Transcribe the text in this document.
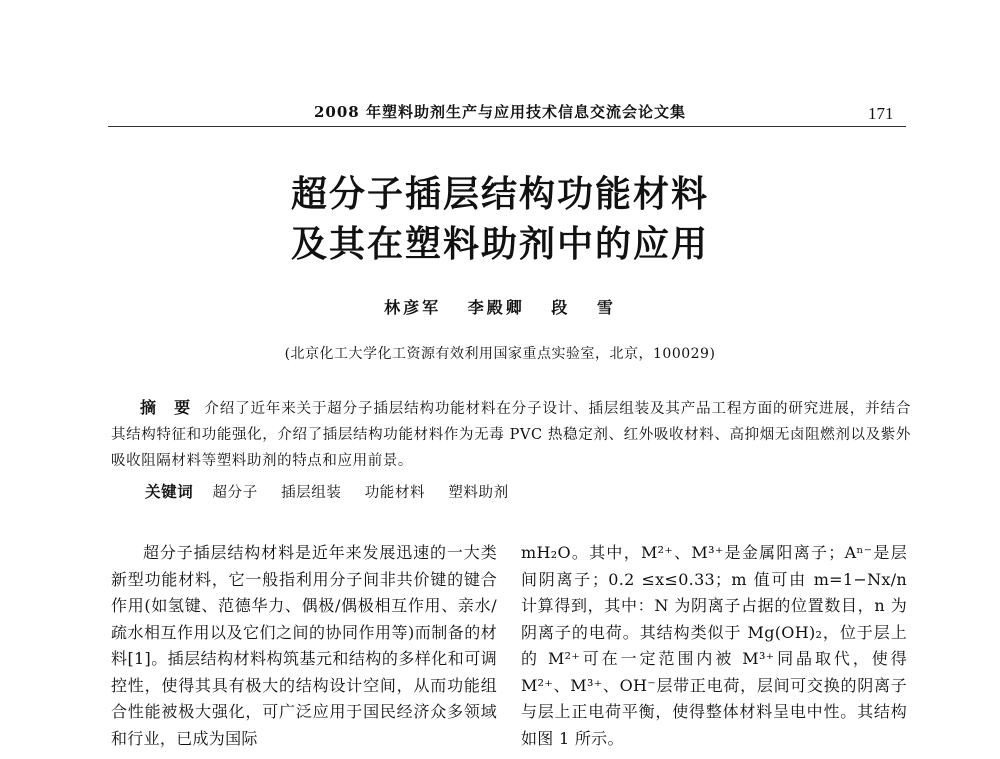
2008 年塑料助剂生产与应用技术信息交流会论文集	171
超分子插层结构功能材料
及其在塑料助剂中的应用
林彦军 李殿卿 段 雪
(北京化工大学化工资源有效利用国家重点实验室，北京，100029)
摘 要 介绍了近年来关于超分子插层结构功能材料在分子设计、插层组装及其产品工程方面的研究进展，并结合其结构特征和功能强化，介绍了插层结构功能材料作为无毒 PVC 热稳定剂、红外吸收材料、高抑烟无卤阻燃剂以及紫外吸收阻隔材料等塑料助剂的特点和应用前景。
关键词 超分子 插层组装 功能材料 塑料助剂

超分子插层结构材料是近年来发展迅速的一大类新型功能材料，它一般指利用分子间非共价键的键合作用(如氢键、范德华力、偶极/偶极相互作用、亲水/疏水相互作用以及它们之间的协同作用等)而制备的材料[1]。插层结构材料构筑基元和结构的多样化和可调控性，使得其具有极大的结构设计空间，从而功能组合性能被极大强化，可广泛应用于国民经济众多领域和行业，已成为国际

mH₂O。其中，M²⁺、M³⁺是金属阳离子；Aⁿ⁻是层间阴离子；0.2 ≤x≤0.33；m 值可由 m=1−Nx/n 计算得到，其中：N 为阴离子占据的位置数目，n 为阴离子的电荷。其结构类似于 Mg(OH)₂，位于层上的 M²⁺可在一定范围内被 M³⁺同晶取代，使得 M²⁺、M³⁺、OH⁻层带正电荷，层间可交换的阴离子与层上正电荷平衡，使得整体材料呈电中性。其结构如图 1 所示。
